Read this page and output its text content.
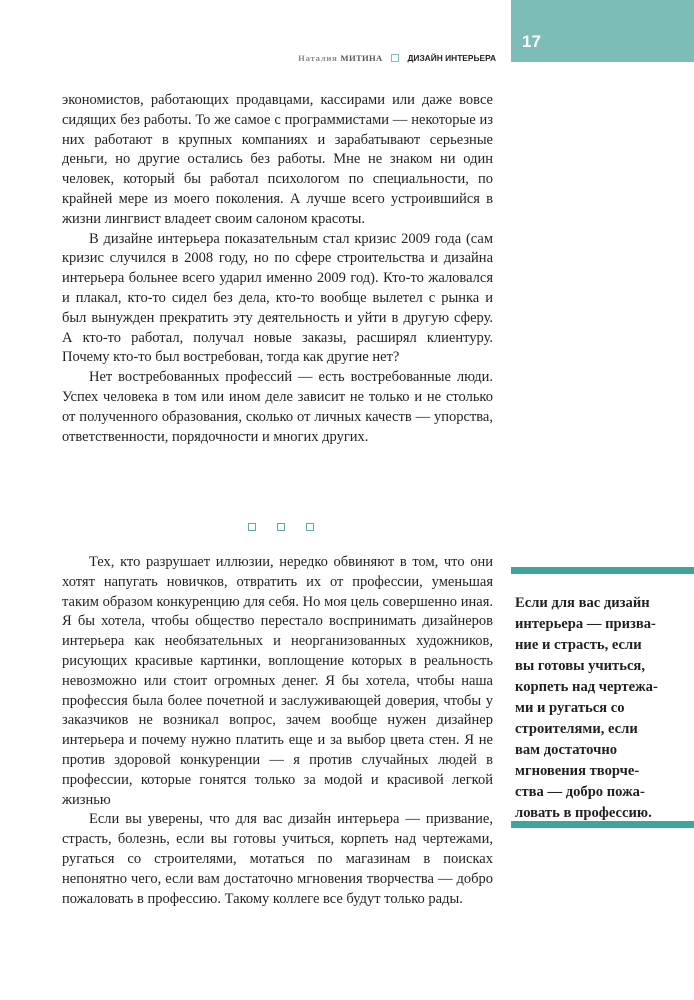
17
Наталия МИТИНА	ДИЗАЙН ИНТЕРЬЕРА

экономистов, работающих продавцами, кассирами или даже вовсе сидящих без работы. То же самое с программистами — некоторые из них работают в крупных компаниях и зарабатывают серьезные деньги, но другие остались без работы. Мне не знаком ни один человек, который бы работал психологом по специальности, по крайней мере из моего поколения. А лучше всего устроившийся в жизни лингвист владеет своим салоном красоты.

В дизайне интерьера показательным стал кризис 2009 года (сам кризис случился в 2008 году, но по сфере строительства и дизайна интерьера больнее всего ударил именно 2009 год). Кто-то жаловался и плакал, кто-то сидел без дела, кто-то вообще вылетел с рынка и был вынужден прекратить эту деятельность и уйти в другую сферу. А кто-то работал, получал новые заказы, расширял клиентуру. Почему кто-то был востребован, тогда как другие нет?

Нет востребованных профессий — есть востребованные люди. Успех человека в том или ином деле зависит не только и не столько от полученного образования, сколько от личных качеств — упорства, ответственности, порядочности и многих других.

Тех, кто разрушает иллюзии, нередко обвиняют в том, что они хотят напугать новичков, отвратить их от профессии, уменьшая таким образом конкуренцию для себя. Но моя цель совершенно иная. Я бы хотела, чтобы общество перестало воспринимать дизайнеров интерьера как необязательных и неорганизованных художников, рисующих красивые картинки, воплощение которых в реальность невозможно или стоит огромных денег. Я бы хотела, чтобы наша профессия была более почетной и заслуживающей доверия, чтобы у заказчиков не возникал вопрос, зачем вообще нужен дизайнер интерьера и почему нужно платить еще и за выбор цвета стен. Я не против здоровой конкуренции — я против случайных людей в профессии, которые гонятся только за модой и красивой легкой жизнью

Если вы уверены, что для вас дизайн интерьера — призвание, страсть, болезнь, если вы готовы учиться, корпеть над чертежами, ругаться со строителями, мотаться по магазинам в поисках непонятно чего, если вам достаточно мгновения творчества — добро пожаловать в профессию. Такому коллеге все будут только рады.

Если для вас дизайн
интерьера — призва-
ние и страсть, если
вы готовы учиться,
корпеть над чертежа-
ми и ругаться со
строителями, если
вам достаточно
мгновения творче-
ства — добро пожа-
ловать в профессию.
